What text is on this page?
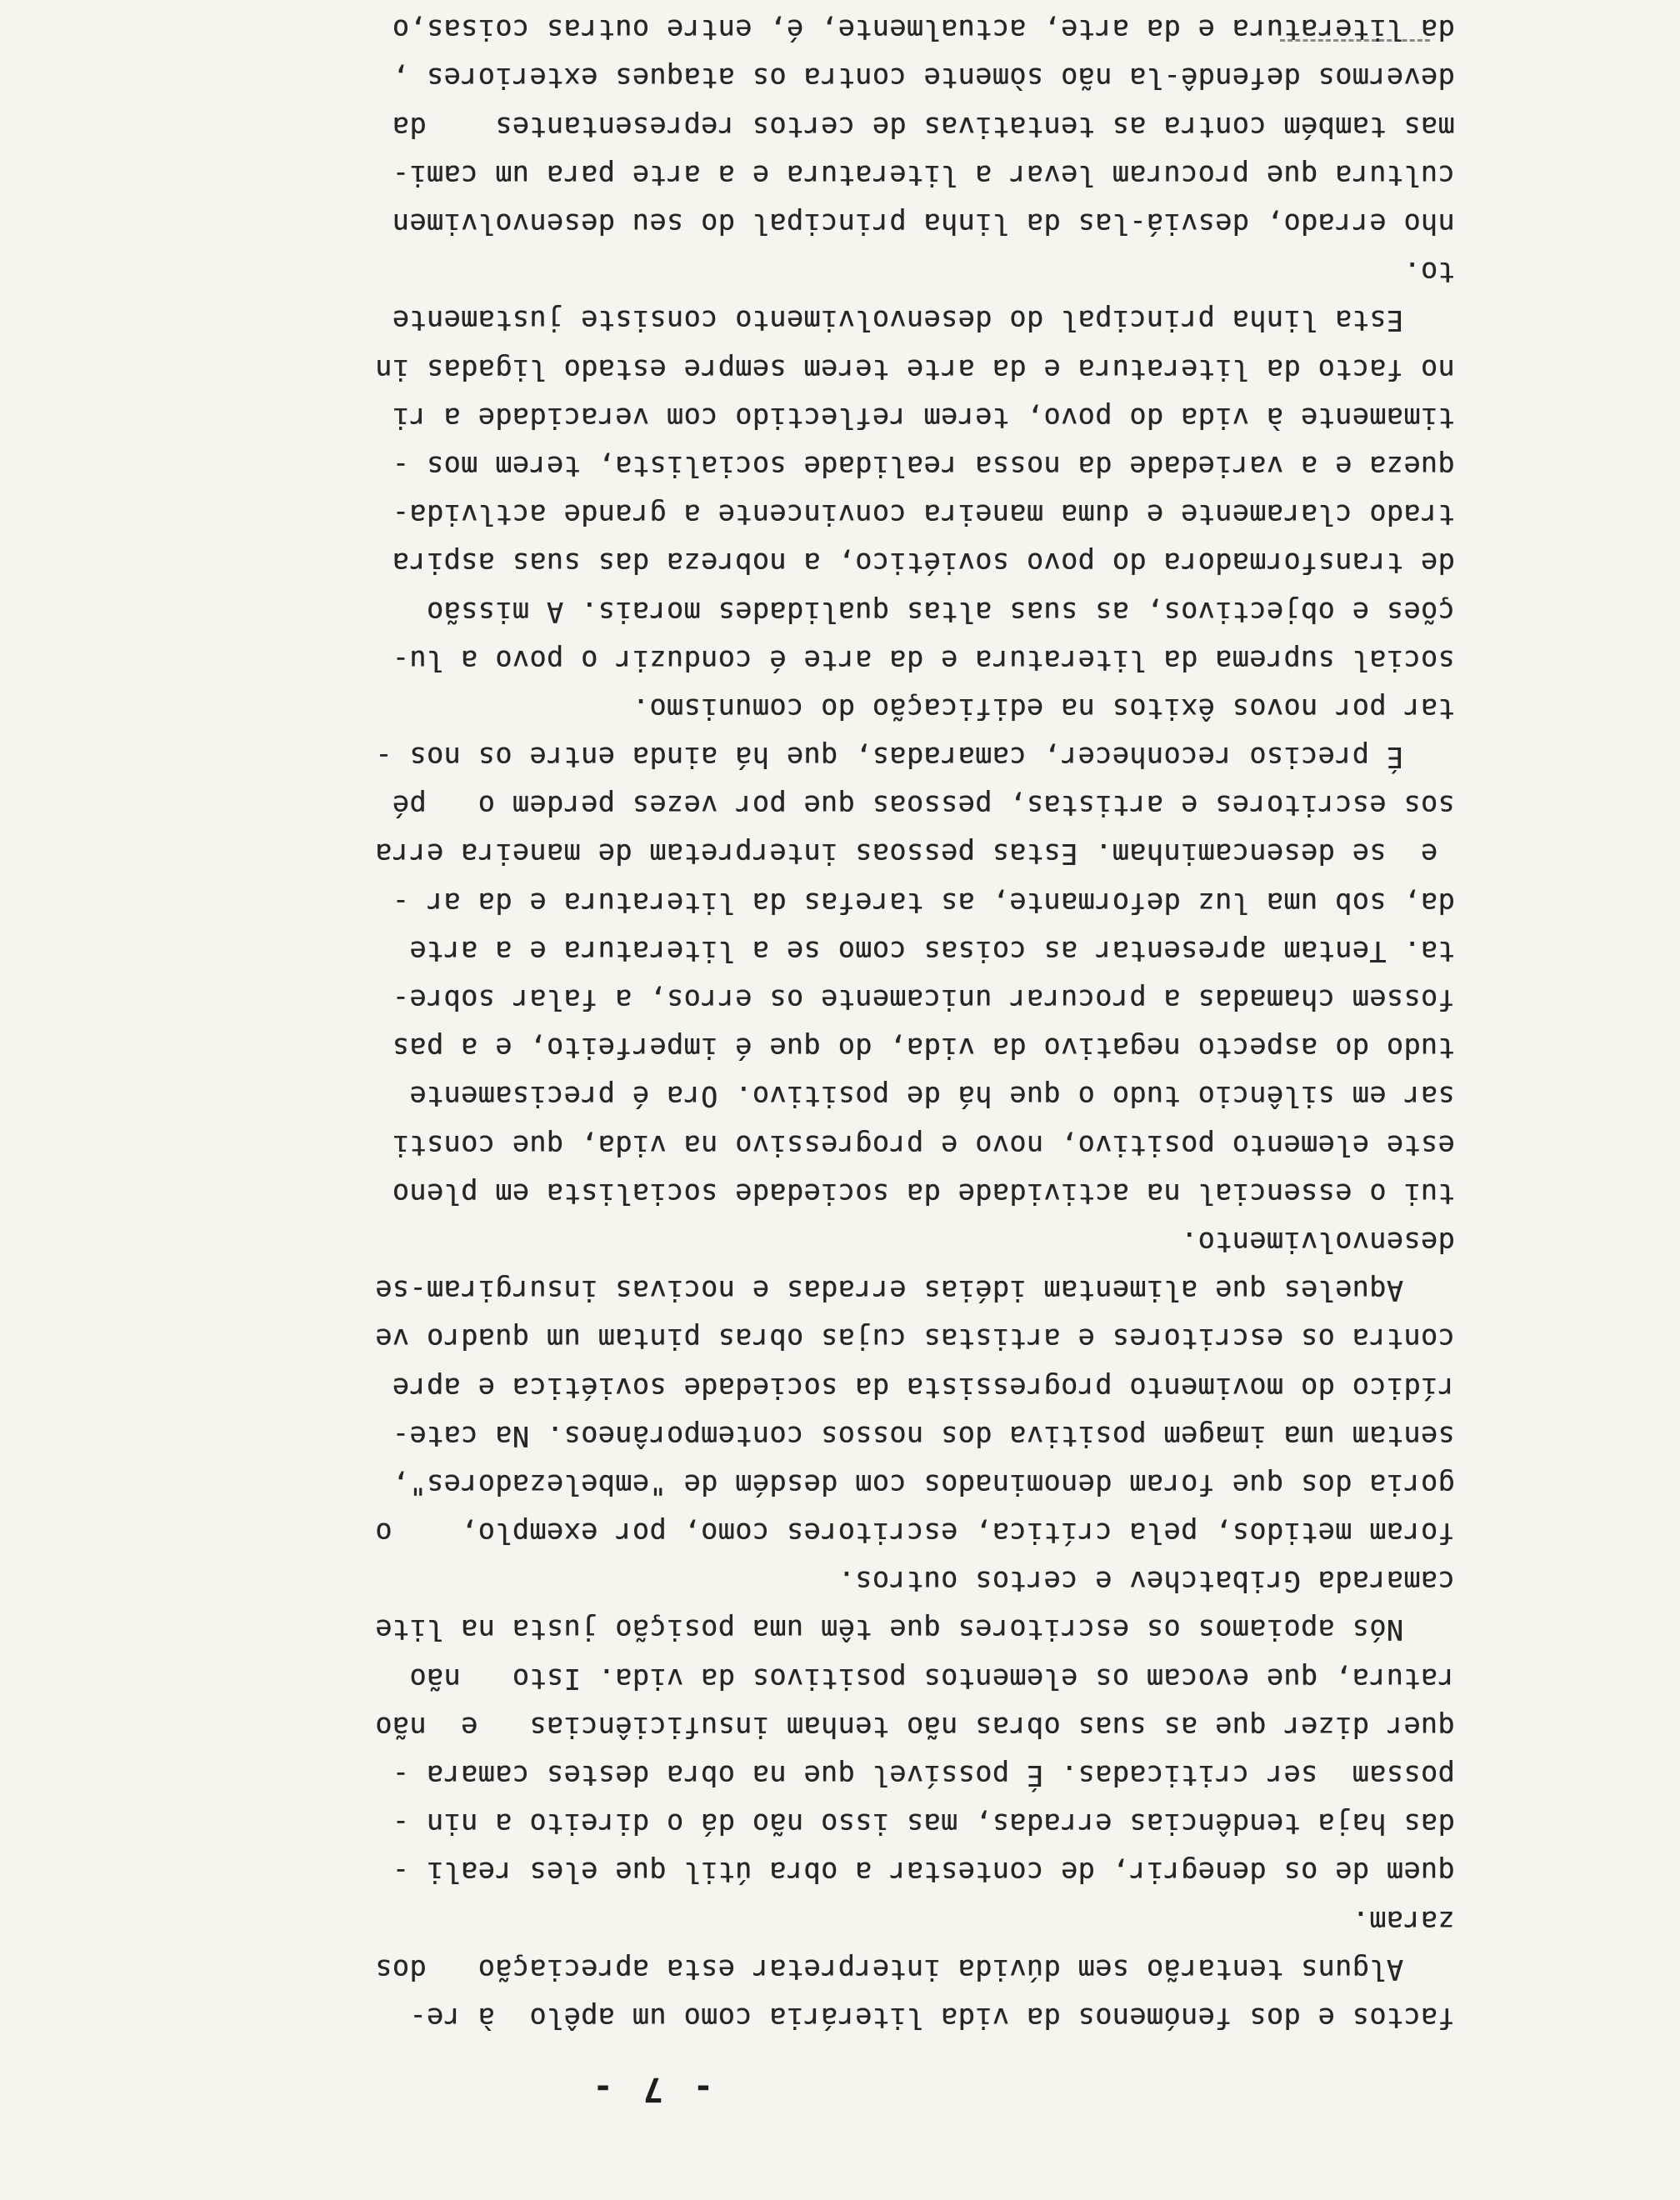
- 7 -
factos e dos fenómenos da vida literária como um apêlo  à re-
Alguns tentarão sem dúvida interpretar esta apreciação   dos
zaram.
quem de os denegrir, de contestar a obra útil que eles reali -
das haja tendências erradas, mas isso não dá o direito a nin -
possam  ser criticadas. É possível que na obra destes camara -
quer dizer que as suas obras não tenham insuficiências   e  não
ratura, que evocam os elementos positivos da vida. Isto   não
Nós apoiamos os escritores que têm uma posição justa na lite
camarada Gribatchev e certos outros.
foram metidos, pela crítica, escritores como, por exemplo,    o
goria dos que foram denominados com desdém de "embelezadores",
sentam uma imagem positiva dos nossos contemporâneos. Na cate-
rídico do movimento progressista da sociedade soviética e apre
contra os escritores e artistas cujas obras pintam um quadro ve
Aqueles que alimentam idéias erradas e nocivas insurgiram-se
desenvolvimento.
tui o essencial na actividade da sociedade socialista em pleno
este elemento positivo, novo e progressivo na vida, que consti
sar em silêncio tudo o que há de positivo. Ora é precisamente
tudo do aspecto negativo da vida, do que é imperfeito, e a pas
fossem chamadas a procurar unicamente os erros, a falar sobre-
ta. Tentam apresentar as coisas como se a literatura e a arte
da, sob uma luz deformante, as tarefas da literatura e da ar -
e  se desencaminham. Estas pessoas interpretam de maneira erra
sos escritores e artistas, pessoas que por vezes perdem o   pé
É preciso reconhecer, camaradas, que há ainda entre os nos -
tar por novos êxitos na edificação do comunismo.
social suprema da literatura e da arte é conduzir o povo a lu-
ções e objectivos, as suas altas qualidades morais. A missão
de transformadora do povo soviético, a nobreza das suas aspira
trado claramente e duma maneira convincente a grande actlvida-
queza e a variedade da nossa realidade socialista, terem mos -
timamente à vida do povo, terem reflectido com veracidade a ri
no facto da literatura e da arte terem sempre estado ligadas in
Esta linha principal do desenvolvimento consiste justamente
to.
nho errado, desviá-las da linha principal do seu desenvolvimen
cultura que procuram levar a literatura e a arte para um cami-
mas também contra as tentativas de certos representantes    da
devermos defendê-la não sòmente contra os ataques exteriores ,
da literatura e da arte, actualmente, é, entre outras coisas,o
